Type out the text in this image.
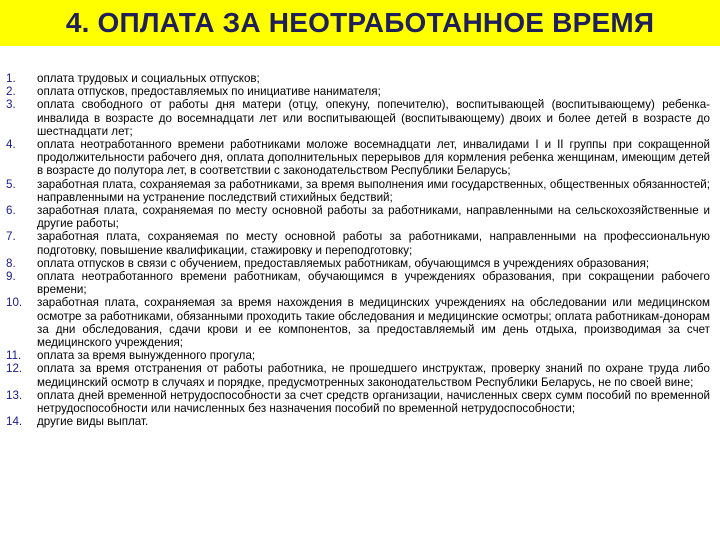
4. ОПЛАТА ЗА НЕОТРАБОТАННОЕ ВРЕМЯ
1.	оплата трудовых и социальных отпусков;
2.	оплата отпусков, предоставляемых по инициативе нанимателя;
3.	оплата свободного от работы дня матери (отцу, опекуну, попечителю), воспитывающей (воспитывающему) ребенка-инвалида в возрасте до восемнадцати лет или воспитывающей (воспитывающему) двоих и более детей в возрасте до шестнадцати лет;
4.	оплата неотработанного времени работниками моложе восемнадцати лет, инвалидами I и II группы при сокращенной продолжительности рабочего дня, оплата дополнительных перерывов для кормления ребенка женщинам, имеющим детей в возрасте до полутора лет, в соответствии с законодательством Республики Беларусь;
5.	заработная плата, сохраняемая за работниками, за время выполнения ими государственных, общественных обязанностей; направленными на устранение последствий стихийных бедствий;
6.	заработная плата, сохраняемая по месту основной работы за работниками, направленными на сельскохозяйственные и другие работы;
7.	заработная плата, сохраняемая по месту основной работы за работниками, направленными на профессиональную подготовку, повышение квалификации, стажировку и переподготовку;
8.	оплата отпусков в связи с обучением, предоставляемых работникам, обучающимся в учреждениях образования;
9.	оплата неотработанного времени работникам, обучающимся в учреждениях образования, при сокращении рабочего времени;
10.	заработная плата, сохраняемая за время нахождения в медицинских учреждениях на обследовании или медицинском осмотре за работниками, обязанными проходить такие обследования и медицинские осмотры; оплата работникам-донорам за дни обследования, сдачи крови и ее компонентов, за предоставляемый им день отдыха, производимая за счет медицинского учреждения;
11.	оплата за время вынужденного прогула;
12.	оплата за время отстранения от работы работника, не прошедшего инструктаж, проверку знаний по охране труда либо медицинский осмотр в случаях и порядке, предусмотренных законодательством Республики Беларусь, не по своей вине;
13.	оплата дней временной нетрудоспособности за счет средств организации, начисленных сверх сумм пособий по временной нетрудоспособности или начисленных без назначения пособий по временной нетрудоспособности;
14.	другие виды выплат.
